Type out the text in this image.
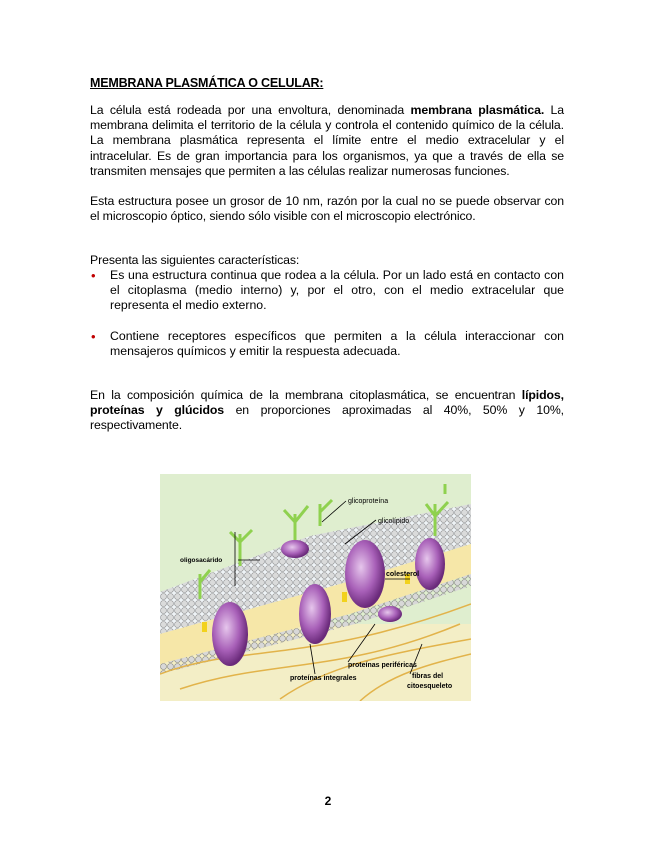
MEMBRANA PLASMÁTICA O CELULAR:
La célula está rodeada por una envoltura, denominada membrana plasmática. La membrana delimita el territorio de la célula y controla el contenido químico de la célula. La membrana plasmática representa el límite entre el medio extracelular y el intracelular. Es de gran importancia para los organismos, ya que a través de ella se transmiten mensajes que permiten a las células realizar numerosas funciones.
Esta estructura posee un grosor de 10 nm, razón por la cual no se puede observar con el microscopio óptico, siendo sólo visible con el microscopio electrónico.
Presenta las siguientes características:
• Es una estructura continua que rodea a la célula. Por un lado está en contacto con el citoplasma (medio interno) y, por el otro, con el medio extracelular que representa el medio externo.
• Contiene receptores específicos que permiten a la célula interaccionar con mensajeros químicos y emitir la respuesta adecuada.
En la composición química de la membrana citoplasmática, se encuentran lípidos, proteínas y glúcidos en proporciones aproximadas al 40%, 50% y 10%, respectivamente.
glicoproteína
glicolípido
oligosacárido
colesterol
proteínas periféricas
proteínas integrales	fibras del
citoesqueleto
2
